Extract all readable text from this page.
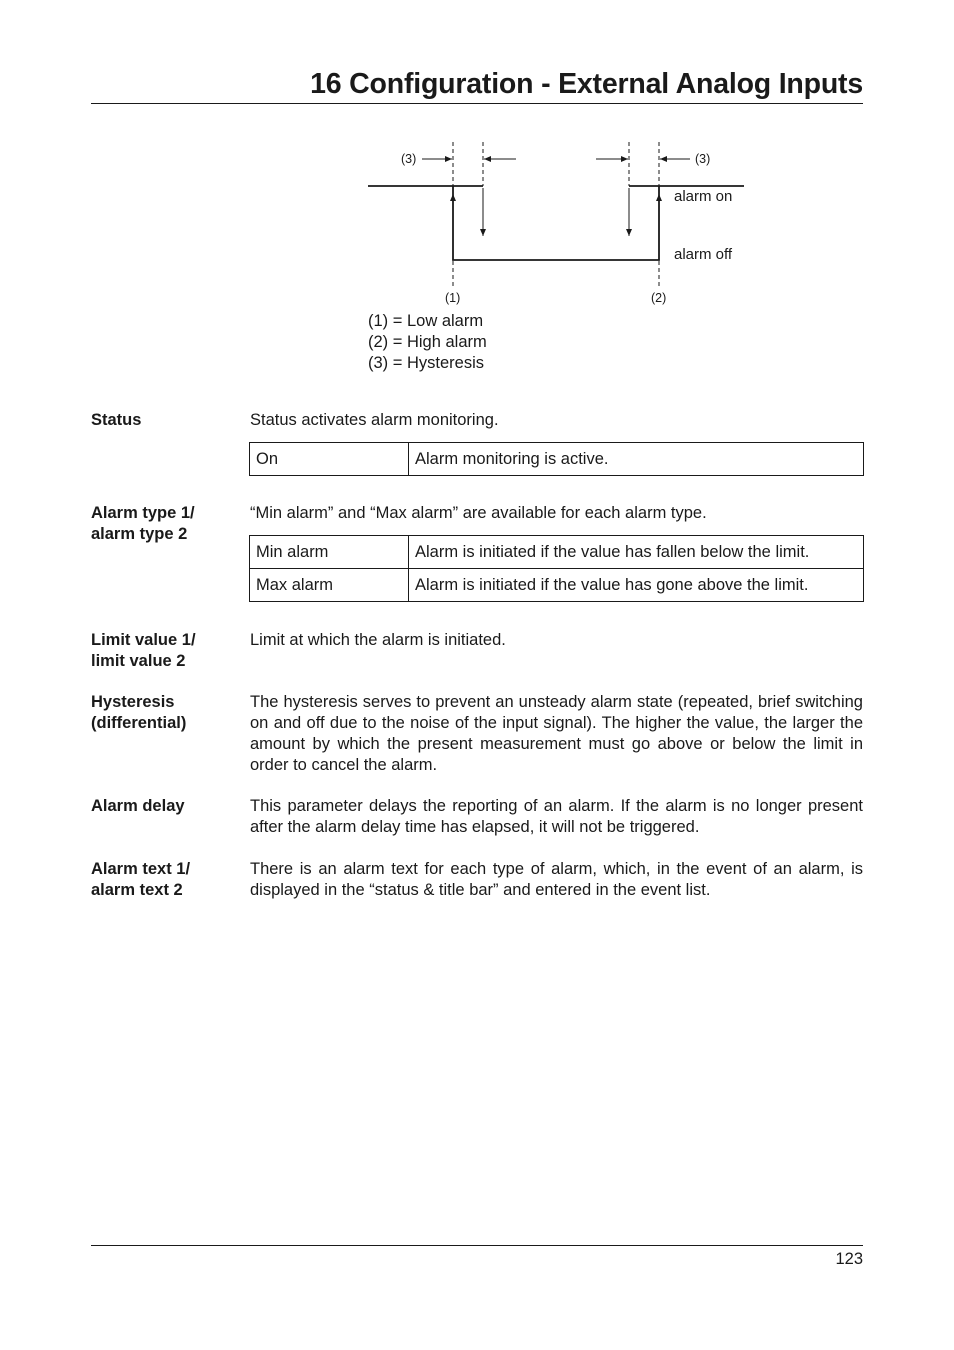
16 Configuration - External Analog Inputs
(3)	(3)
alarm on
alarm off
(1)	(2)
(1) = Low alarm
(2) = High alarm
(3) = Hysteresis
Status	Status activates alarm monitoring.
On	Alarm monitoring is active.
Alarm type 1/
alarm type 2
“Min alarm” and “Max alarm” are available for each alarm type.
Min alarm	Alarm is initiated if the value has fallen below the limit.
Max alarm	Alarm is initiated if the value has gone above the limit.
Limit value 1/
limit value 2
Limit at which the alarm is initiated.
Hysteresis
(differential)
The hysteresis serves to prevent an unsteady alarm state (repeated, brief switching on and off due to the noise of the input signal). The higher the value, the larger the amount by which the present measurement must go above or below the limit in order to cancel the alarm.
Alarm delay	This parameter delays the reporting of an alarm. If the alarm is no longer present after the alarm delay time has elapsed, it will not be triggered.
Alarm text 1/
alarm text 2
There is an alarm text for each type of alarm, which, in the event of an alarm, is displayed in the “status & title bar” and entered in the event list.
123
